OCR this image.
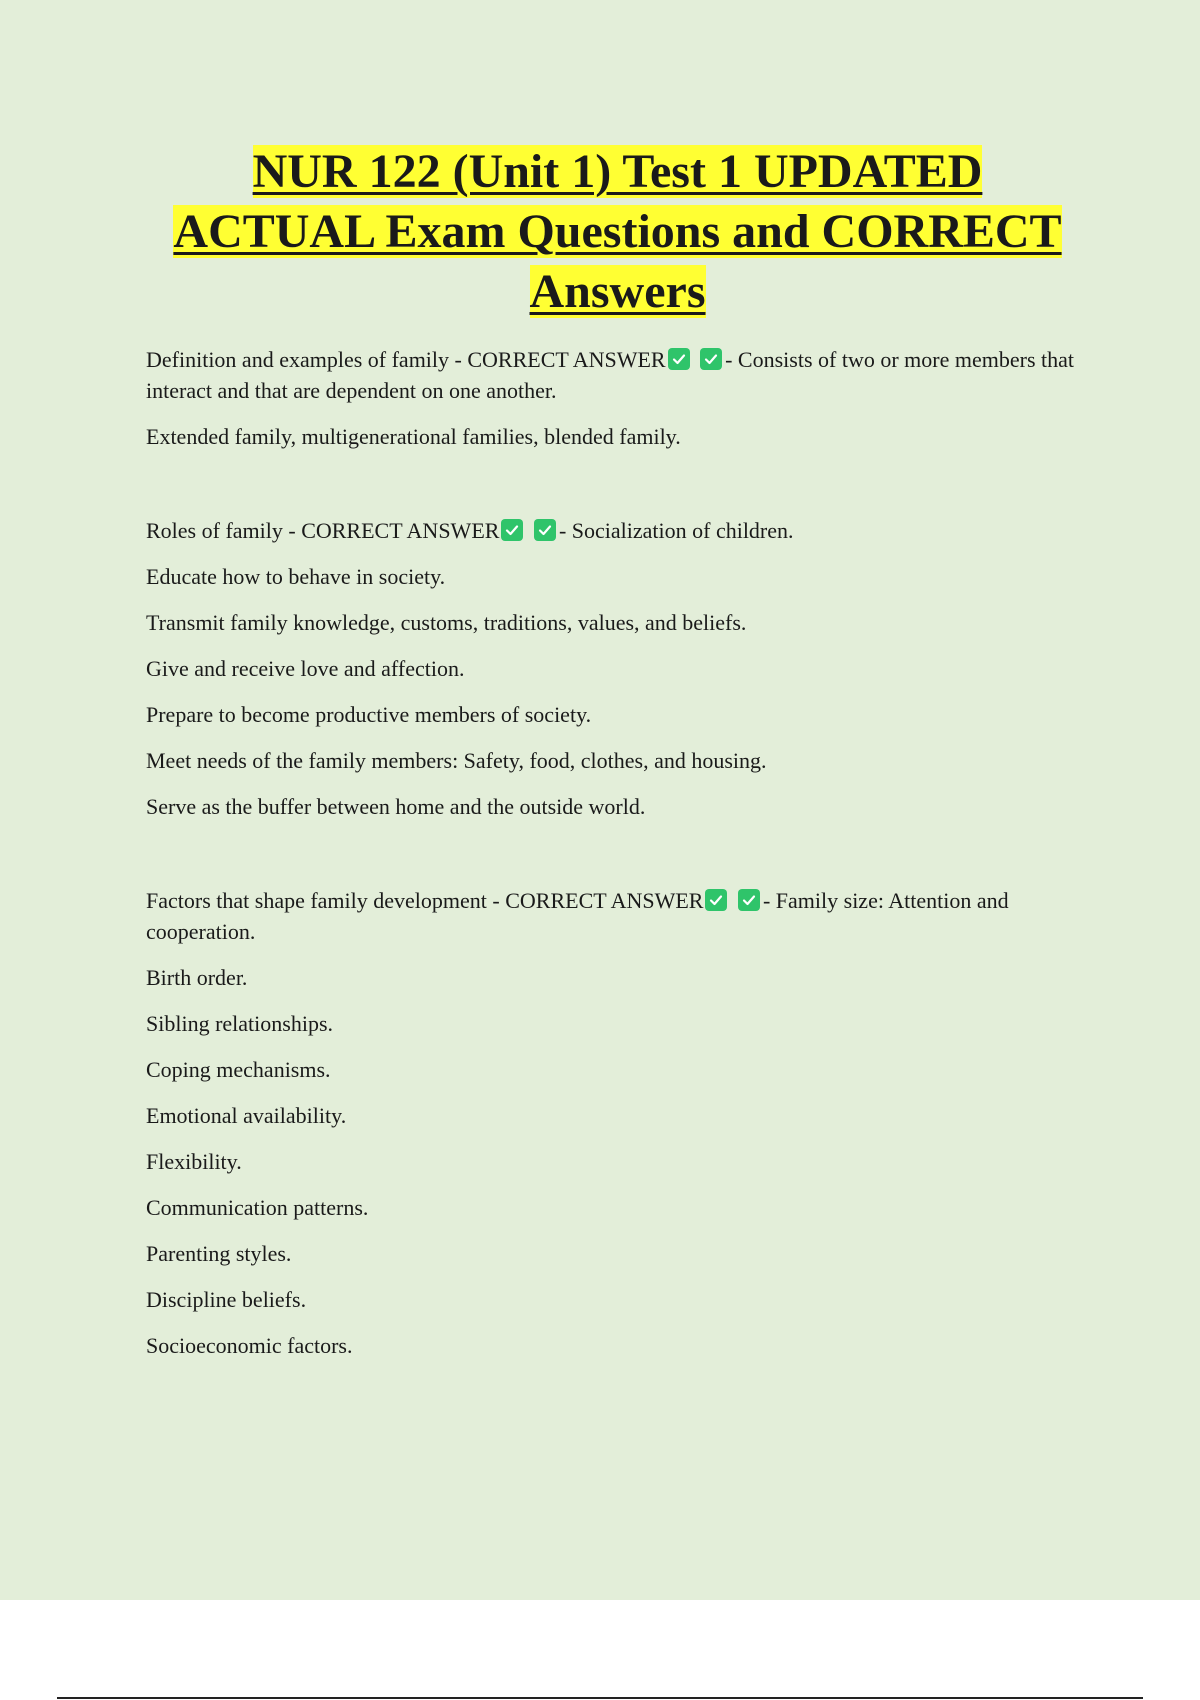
NUR 122 (Unit 1) Test 1 UPDATED
ACTUAL Exam Questions and CORRECT
Answers

Definition and examples of family - CORRECT ANSWER
	- Consists of two or more members that interact and that are dependent on one another.

Extended family, multigenerational families, blended family.

Roles of family - CORRECT ANSWER
	- Socialization of children.

Educate how to behave in society.

Transmit family knowledge, customs, traditions, values, and beliefs.

Give and receive love and affection.

Prepare to become productive members of society.

Meet needs of the family members: Safety, food, clothes, and housing.

Serve as the buffer between home and the outside world.

Factors that shape family development - CORRECT ANSWER
	- Family size: Attention and cooperation.

Birth order.

Sibling relationships.

Coping mechanisms.

Emotional availability.

Flexibility.

Communication patterns.

Parenting styles.

Discipline beliefs.

Socioeconomic factors.
